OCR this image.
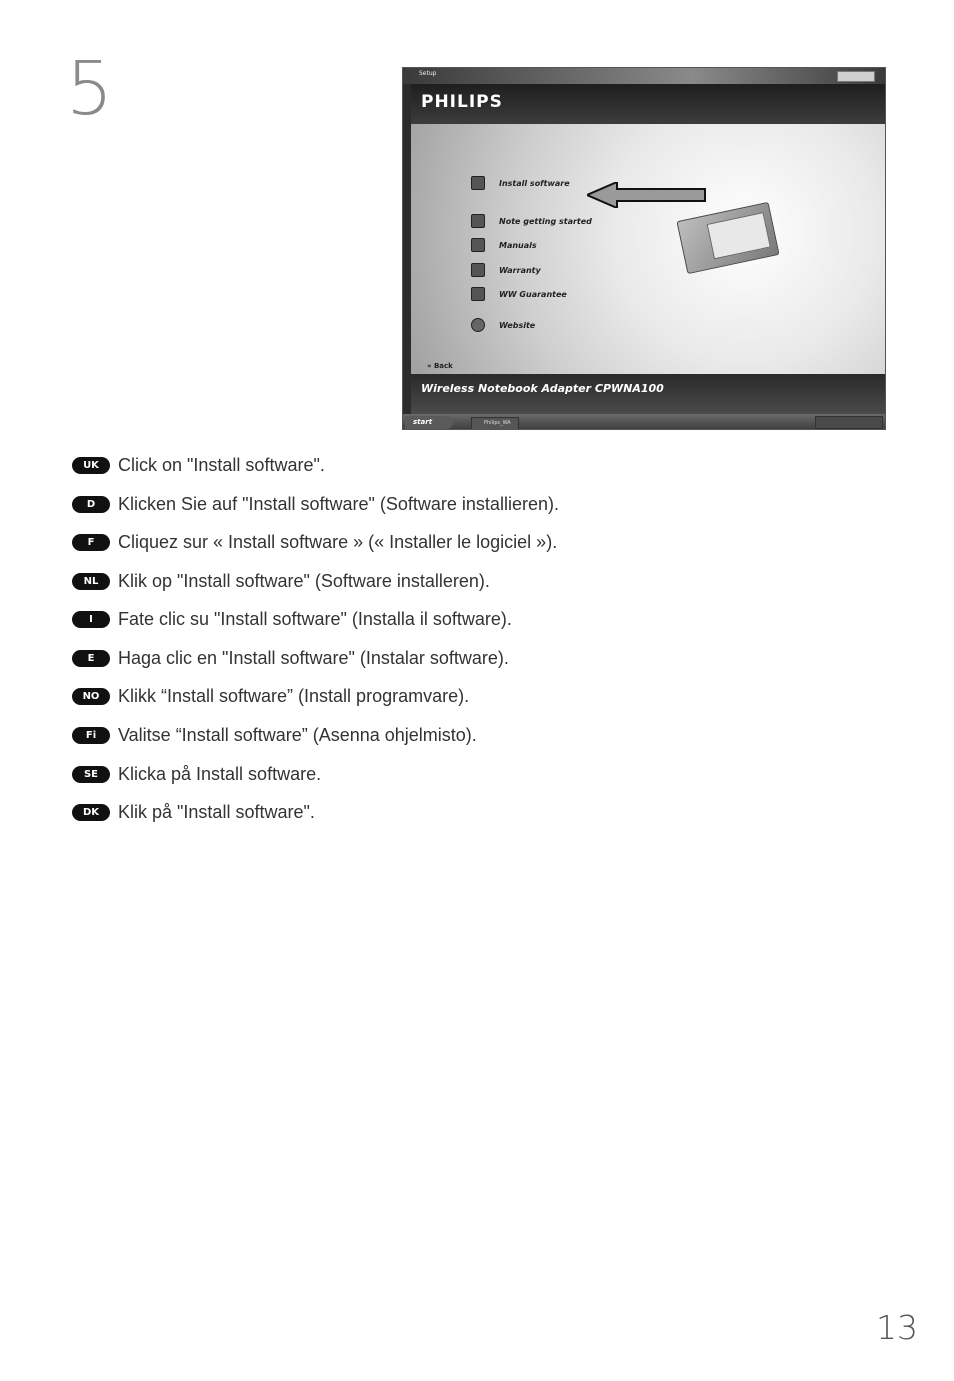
5	Setup
PHILIPS
Install software
Note getting started
Manuals
Warranty
WW Guarantee
Website
« Back
Wireless Notebook Adapter CPWNA100
start	Philips_WA
UK	Click on "Install software".
D	Klicken Sie auf "Install software" (Software installieren).
F	Cliquez sur « Install software » (« Installer le logiciel »).
NL	Klik op "Install software" (Software installeren).
I	Fate clic su "Install software" (Installa il software).
E	Haga clic en "Install software" (Instalar software).
NO	Klikk “Install software” (Install programvare).
Fi	Valitse “Install software” (Asenna ohjelmisto).
SE	Klicka på Install software.
DK	Klik på "Install software".
13
